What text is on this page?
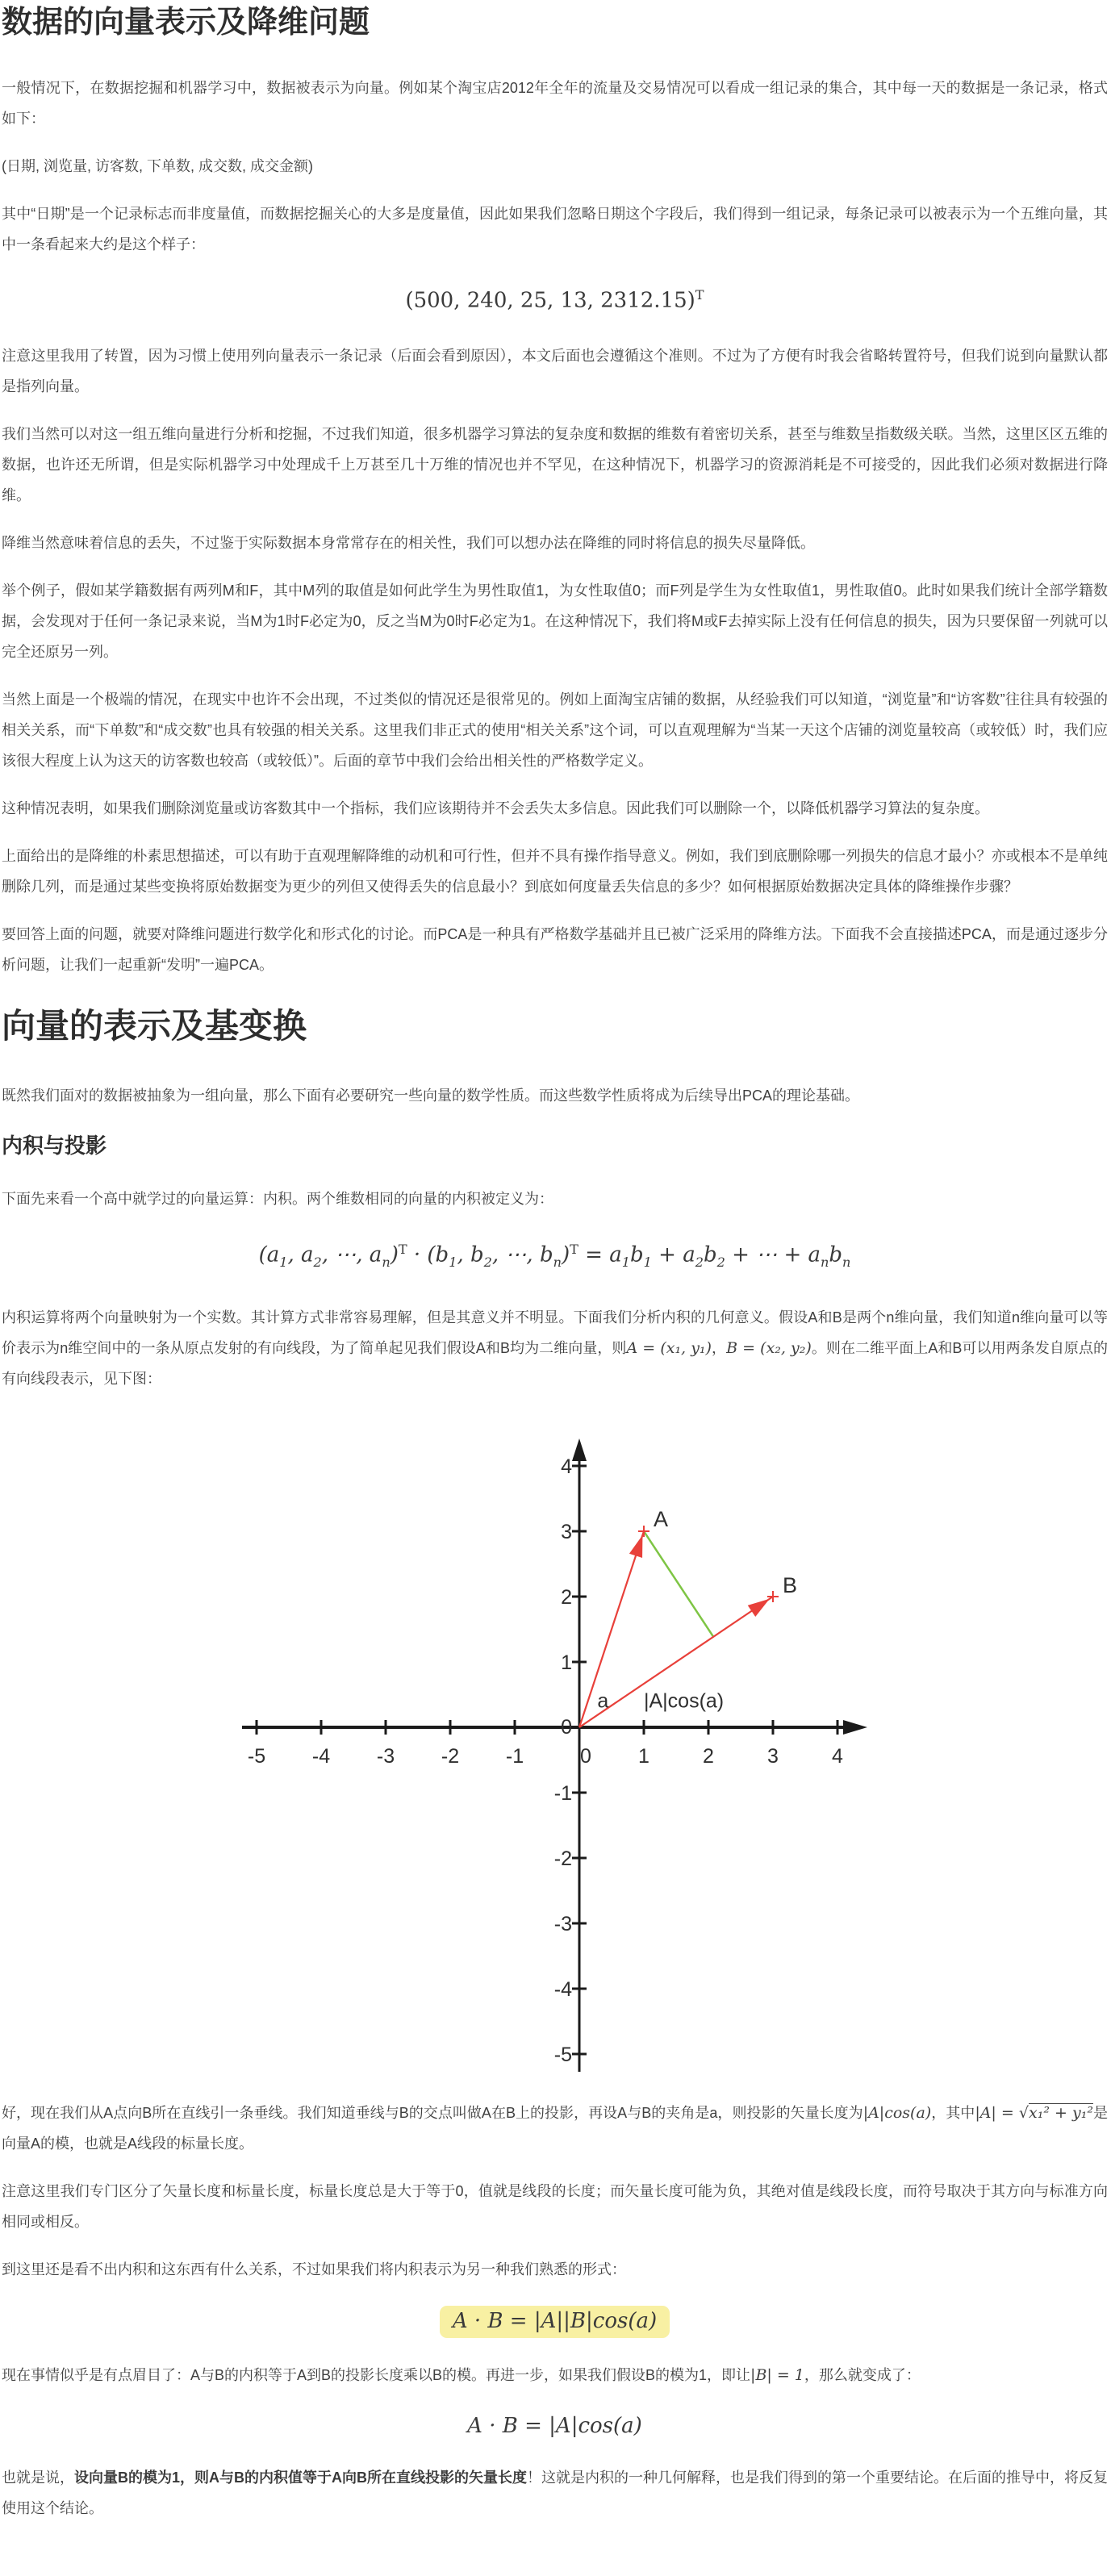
数据的向量表示及降维问题

一般情况下，在数据挖掘和机器学习中，数据被表示为向量。例如某个淘宝店2012年全年的流量及交易情况可以看成一组记录的集合，其中每一天的数据是一条记录，格式如下：

(日期, 浏览量, 访客数, 下单数, 成交数, 成交金额)

其中“日期”是一个记录标志而非度量值，而数据挖掘关心的大多是度量值，因此如果我们忽略日期这个字段后，我们得到一组记录，每条记录可以被表示为一个五维向量，其中一条看起来大约是这个样子：

(500, 240, 25, 13, 2312.15)$^T$

注意这里我用了转置，因为习惯上使用列向量表示一条记录（后面会看到原因），本文后面也会遵循这个准则。不过为了方便有时我会省略转置符号，但我们说到向量默认都是指列向量。

我们当然可以对这一组五维向量进行分析和挖掘，不过我们知道，很多机器学习算法的复杂度和数据的维数有着密切关系，甚至与维数呈指数级关联。当然，这里区区五维的数据，也许还无所谓，但是实际机器学习中处理成千上万甚至几十万维的情况也并不罕见，在这种情况下，机器学习的资源消耗是不可接受的，因此我们必须对数据进行降维。

降维当然意味着信息的丢失，不过鉴于实际数据本身常常存在的相关性，我们可以想办法在降维的同时将信息的损失尽量降低。

举个例子，假如某学籍数据有两列M和F，其中M列的取值是如何此学生为男性取值1，为女性取值0；而F列是学生为女性取值1，男性取值0。此时如果我们统计全部学籍数据，会发现对于任何一条记录来说，当M为1时F必定为0，反之当M为0时F必定为1。在这种情况下，我们将M或F去掉实际上没有任何信息的损失，因为只要保留一列就可以完全还原另一列。

当然上面是一个极端的情况，在现实中也许不会出现，不过类似的情况还是很常见的。例如上面淘宝店铺的数据，从经验我们可以知道，“浏览量”和“访客数”往往具有较强的相关关系，而“下单数”和“成交数”也具有较强的相关关系。这里我们非正式的使用“相关关系”这个词，可以直观理解为“当某一天这个店铺的浏览量较高（或较低）时，我们应该很大程度上认为这天的访客数也较高（或较低）”。后面的章节中我们会给出相关性的严格数学定义。

这种情况表明，如果我们删除浏览量或访客数其中一个指标，我们应该期待并不会丢失太多信息。因此我们可以删除一个，以降低机器学习算法的复杂度。

上面给出的是降维的朴素思想描述，可以有助于直观理解降维的动机和可行性，但并不具有操作指导意义。例如，我们到底删除哪一列损失的信息才最小？亦或根本不是单纯删除几列，而是通过某些变换将原始数据变为更少的列但又使得丢失的信息最小？到底如何度量丢失信息的多少？如何根据原始数据决定具体的降维操作步骤？

要回答上面的问题，就要对降维问题进行数学化和形式化的讨论。而PCA是一种具有严格数学基础并且已被广泛采用的降维方法。下面我不会直接描述PCA，而是通过逐步分析问题，让我们一起重新“发明”一遍PCA。

向量的表示及基变换

既然我们面对的数据被抽象为一组向量，那么下面有必要研究一些向量的数学性质。而这些数学性质将成为后续导出PCA的理论基础。

内积与投影

下面先来看一个高中就学过的向量运算：内积。两个维数相同的向量的内积被定义为：

($a_1$, $a_2$, ⋯, $a_n)^T \cdot (b_1$, $b_2$, ⋯, $b_n)^T = a_1b_1 + a_2b_2$ + ⋯ + $a_nb_n$

内积运算将两个向量映射为一个实数。其计算方式非常容易理解，但是其意义并不明显。下面我们分析内积的几何意义。假设A和B是两个n维向量，我们知道n维向量可以等价表示为n维空间中的一条从原点发射的有向线段，为了简单起见我们假设A和B均为二维向量，则A = (x₁, y₁)，B = (x₂, y₂)。则在二维平面上A和B可以用两条发自原点的有向线段表示，见下图：

-5 -4 -3 -2 -1	0 1	2	3	4
4
3
2
1
-1
-2
-3
-4
-5
0
A
B
a |A|cos(a)

好，现在我们从A点向B所在直线引一条垂线。我们知道垂线与B的交点叫做A在B上的投影，再设A与B的夹角是a，则投影的矢量长度为|A|cos(a)，其中|A| = √x₁² + y₁²是向量A的模，也就是A线段的标量长度。

注意这里我们专门区分了矢量长度和标量长度，标量长度总是大于等于0，值就是线段的长度；而矢量长度可能为负，其绝对值是线段长度，而符号取决于其方向与标准方向相同或相反。

到这里还是看不出内积和这东西有什么关系，不过如果我们将内积表示为另一种我们熟悉的形式：

A · B = |A||B|cos(a)

现在事情似乎是有点眉目了：A与B的内积等于A到B的投影长度乘以B的模。再进一步，如果我们假设B的模为1，即让|B| = 1，那么就变成了：

A · B = |A|cos(a)

也就是说，设向量B的模为1，则A与B的内积值等于A向B所在直线投影的矢量长度！这就是内积的一种几何解释，也是我们得到的第一个重要结论。在后面的推导中，将反复使用这个结论。
